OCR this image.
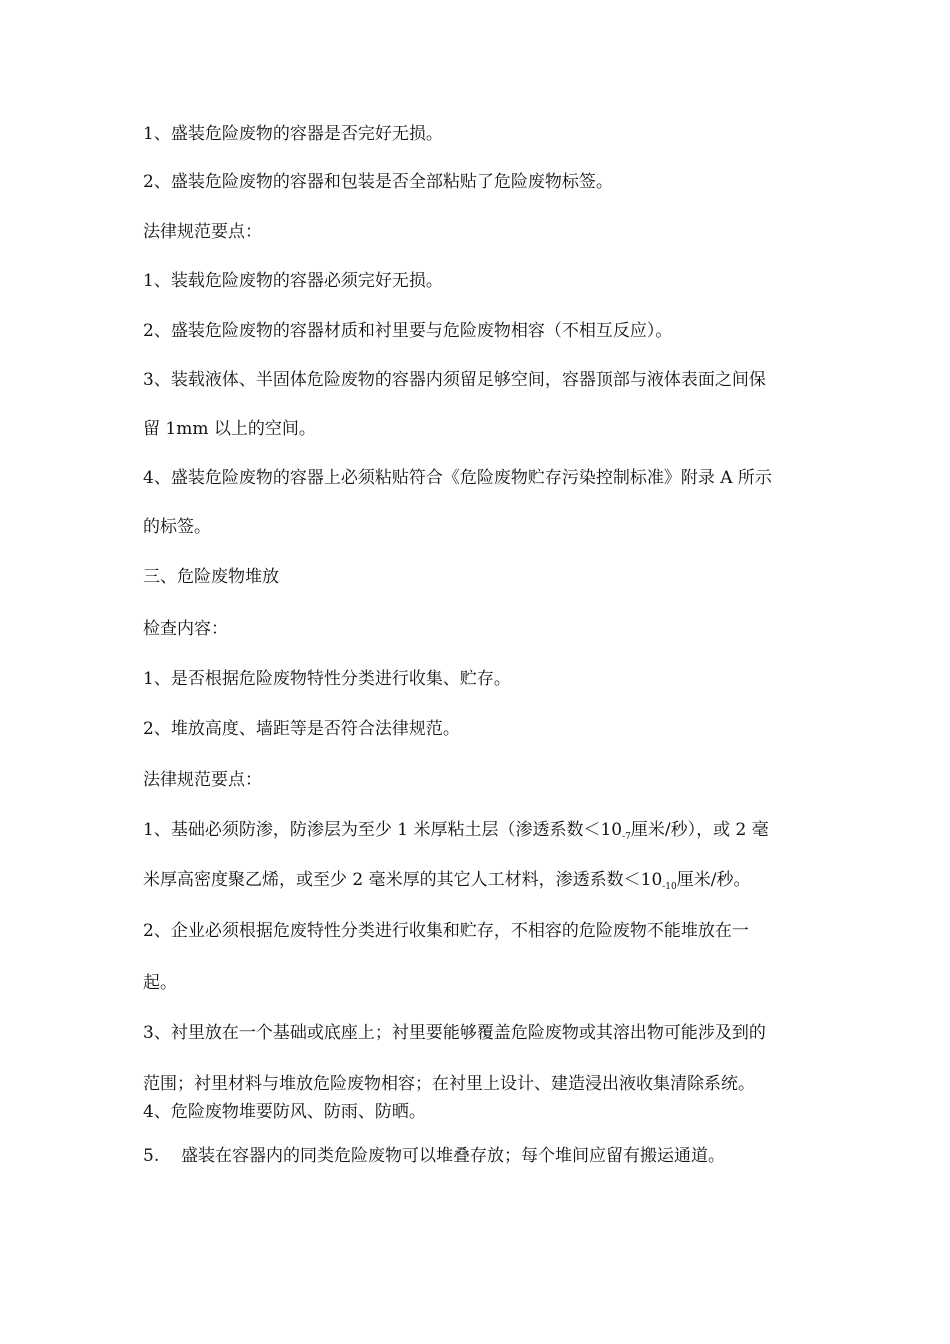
1、盛装危险废物的容器是否完好无损。
2、盛装危险废物的容器和包装是否全部粘贴了危险废物标签。
法律规范要点：
1、装载危险废物的容器必须完好无损。
2、盛装危险废物的容器材质和衬里要与危险废物相容（不相互反应）。
3、装载液体、半固体危险废物的容器内须留足够空间，容器顶部与液体表面之间保
留 1mm 以上的空间。
4、盛装危险废物的容器上必须粘贴符合《危险废物贮存污染控制标准》附录 A 所示
的标签。
三、危险废物堆放
检查内容：
1、是否根据危险废物特性分类进行收集、贮存。
2、堆放高度、墙距等是否符合法律规范。
法律规范要点：
1、基础必须防渗，防渗层为至少 1 米厚粘土层（渗透系数$<10_{-7}$厘米/秒），或 2 毫
米厚高密度聚乙烯，或至少 2 毫米厚的其它人工材料，渗透系数$<10_{-10}$厘米/秒。
2、企业必须根据危废特性分类进行收集和贮存，不相容的危险废物不能堆放在一
起。
3、衬里放在一个基础或底座上；衬里要能够覆盖危险废物或其溶出物可能涉及到的
范围；衬里材料与堆放危险废物相容；在衬里上设计、建造浸出液收集清除系统。
4、危险废物堆要防风、防雨、防晒。
5. 盛装在容器内的同类危险废物可以堆叠存放；每个堆间应留有搬运通道。
